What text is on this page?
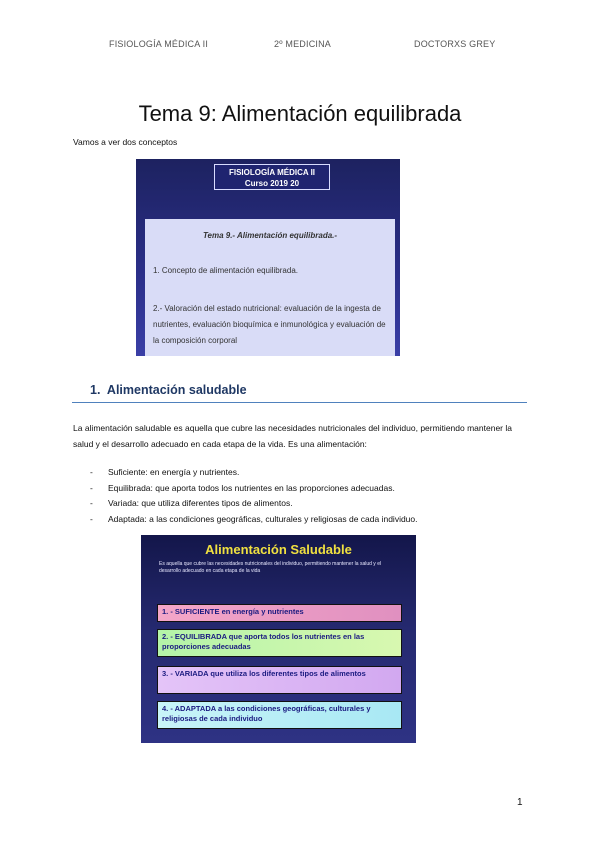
FISIOLOGÍA MÉDICA II	2º MEDICINA	DOCTORXS GREY
Tema 9: Alimentación equilibrada
Vamos a ver dos conceptos
FISIOLOGÍA MÉDICA II
Curso 2019 20
Tema 9.- Alimentación equilibrada.-
1. Concepto de alimentación equilibrada.
2.- Valoración del estado nutricional: evaluación de la ingesta de nutrientes, evaluación bioquímica e inmunológica y evaluación de la composición corporal
1. Alimentación saludable
La alimentación saludable es aquella que cubre las necesidades nutricionales del individuo, permitiendo mantener la salud y el desarrollo adecuado en cada etapa de la vida. Es una alimentación:
- Suficiente: en energía y nutrientes.
- Equilibrada: que aporta todos los nutrientes en las proporciones adecuadas.
- Variada: que utiliza diferentes tipos de alimentos.
- Adaptada: a las condiciones geográficas, culturales y religiosas de cada individuo.
Alimentación Saludable
Es aquella que cubre las necesidades nutricionales del individuo, permitiendo mantener la salud y el desarrollo adecuado en cada etapa de la vida
1. - SUFICIENTE en energía y nutrientes
2. - EQUILIBRADA que aporta todos los nutrientes en las proporciones adecuadas
3. - VARIADA que utiliza los diferentes tipos de alimentos
4. - ADAPTADA a las condiciones geográficas, culturales y religiosas de cada individuo
1
